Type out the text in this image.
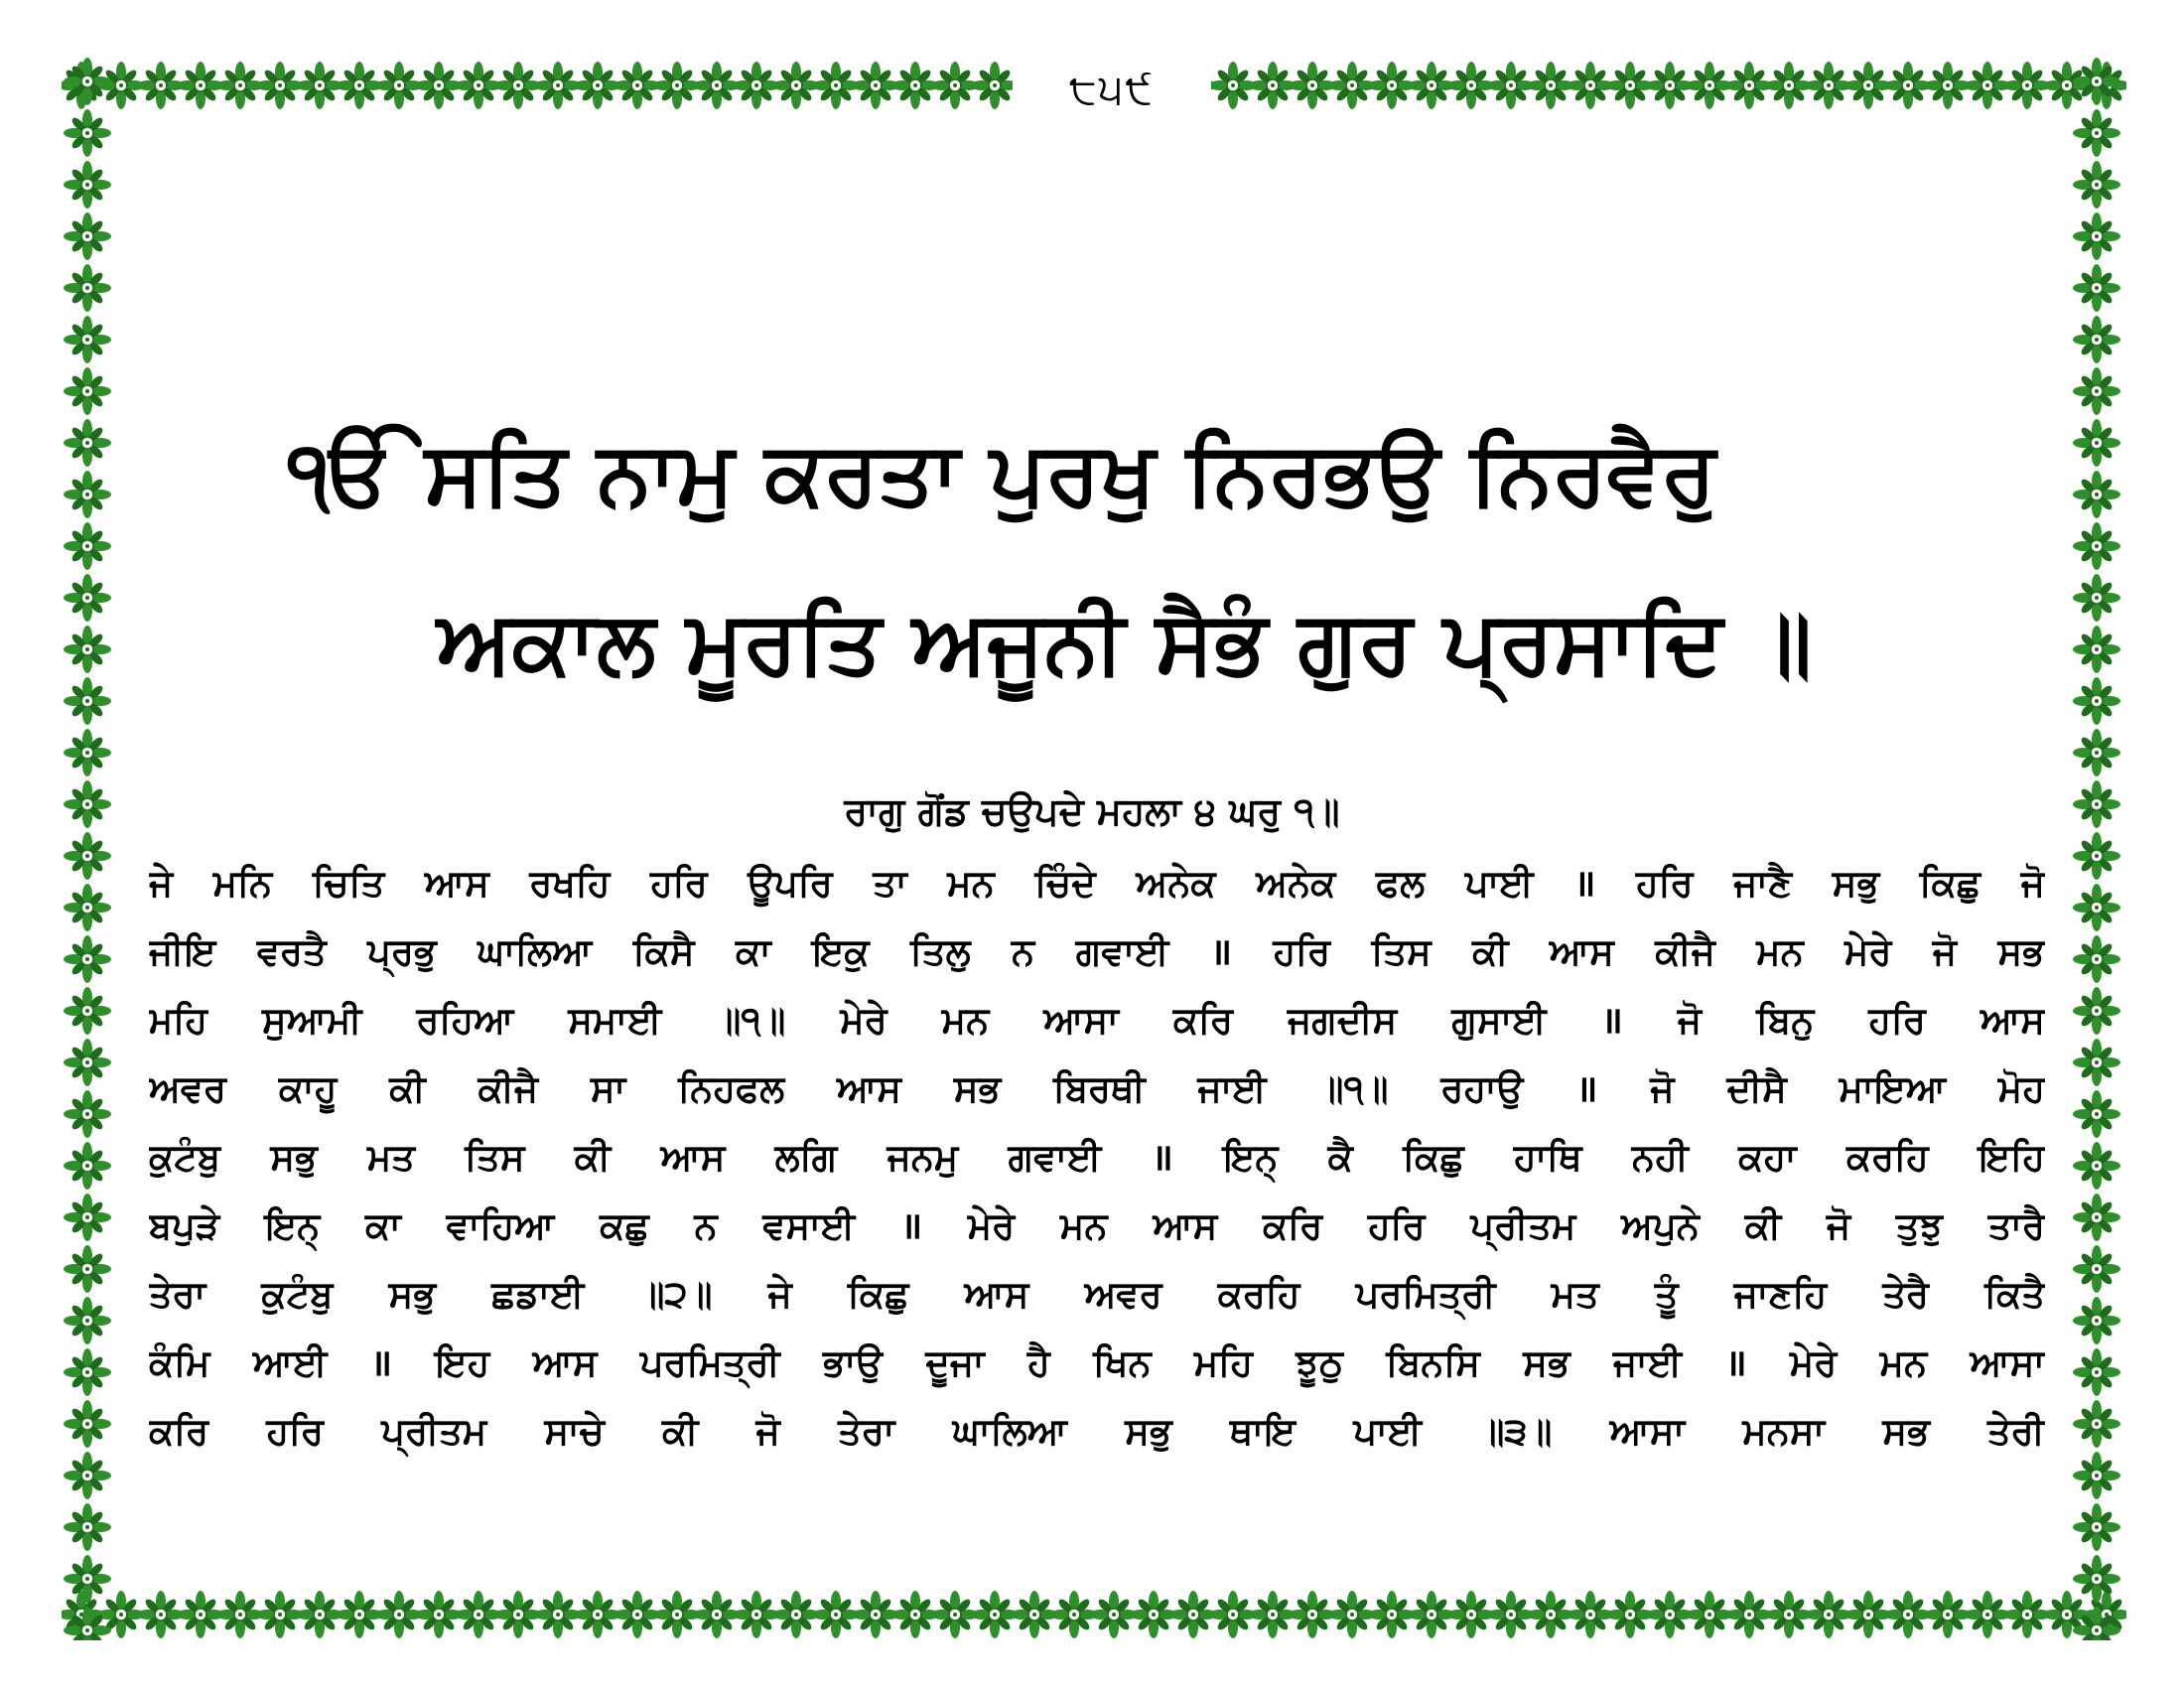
੮੫੯
ੴ ਸਤਿ ਨਾਮੁ ਕਰਤਾ ਪੁਰਖੁ ਨਿਰਭਉ ਨਿਰਵੈਰੁ
ਅਕਾਲ ਮੂਰਤਿ ਅਜੂਨੀ ਸੈਭੰ ਗੁਰ ਪ੍ਰਸਾਦਿ ॥
ਰਾਗੁ ਗੋਂਡ ਚਉਪਦੇ ਮਹਲਾ ੪ ਘਰੁ ੧॥
ਜੇ ਮਨਿ ਚਿਤਿ ਆਸ ਰਖਹਿ ਹਰਿ ਊਪਰਿ ਤਾ ਮਨ ਚਿੰਦੇ ਅਨੇਕ ਅਨੇਕ ਫਲ ਪਾਈ ॥ ਹਰਿ ਜਾਣੈ ਸਭੁ ਕਿਛੁ ਜੋ
ਜੀਇ ਵਰਤੈ ਪ੍ਰਭੁ ਘਾਲਿਆ ਕਿਸੈ ਕਾ ਇਕੁ ਤਿਲੁ ਨ ਗਵਾਈ ॥ ਹਰਿ ਤਿਸ ਕੀ ਆਸ ਕੀਜੈ ਮਨ ਮੇਰੇ ਜੋ ਸਭ
ਮਹਿ ਸੁਆਮੀ ਰਹਿਆ ਸਮਾਈ ॥੧॥ ਮੇਰੇ ਮਨ ਆਸਾ ਕਰਿ ਜਗਦੀਸ ਗੁਸਾਈ ॥ ਜੋ ਬਿਨੁ ਹਰਿ ਆਸ
ਅਵਰ ਕਾਹੂ ਕੀ ਕੀਜੈ ਸਾ ਨਿਹਫਲ ਆਸ ਸਭ ਬਿਰਥੀ ਜਾਈ ॥੧॥ ਰਹਾਉ ॥ ਜੋ ਦੀਸੈ ਮਾਇਆ ਮੋਹ
ਕੁਟੰਬੁ ਸਭੁ ਮਤ ਤਿਸ ਕੀ ਆਸ ਲਗਿ ਜਨਮੁ ਗਵਾਈ ॥ ਇਨ੍ ਕੈ ਕਿਛੁ ਹਾਥਿ ਨਹੀ ਕਹਾ ਕਰਹਿ ਇਹਿ
ਬਪੁੜੇ ਇਨ੍ ਕਾ ਵਾਹਿਆ ਕਛੁ ਨ ਵਸਾਈ ॥ ਮੇਰੇ ਮਨ ਆਸ ਕਰਿ ਹਰਿ ਪ੍ਰੀਤਮ ਅਪੁਨੇ ਕੀ ਜੋ ਤੁਝੁ ਤਾਰੈ
ਤੇਰਾ ਕੁਟੰਬੁ ਸਭੁ ਛਡਾਈ ॥੨॥ ਜੇ ਕਿਛੁ ਆਸ ਅਵਰ ਕਰਹਿ ਪਰਮਿਤ੍ਰੀ ਮਤ ਤੂੰ ਜਾਣਹਿ ਤੇਰੈ ਕਿਤੈ
ਕੰਮਿ ਆਈ ॥ ਇਹ ਆਸ ਪਰਮਿਤ੍ਰੀ ਭਾਉ ਦੂਜਾ ਹੈ ਖਿਨ ਮਹਿ ਝੂਠੁ ਬਿਨਸਿ ਸਭ ਜਾਈ ॥ ਮੇਰੇ ਮਨ ਆਸਾ
ਕਰਿ ਹਰਿ ਪ੍ਰੀਤਮ ਸਾਚੇ ਕੀ ਜੋ ਤੇਰਾ ਘਾਲਿਆ ਸਭੁ ਥਾਇ ਪਾਈ ॥੩॥ ਆਸਾ ਮਨਸਾ ਸਭ ਤੇਰੀ
